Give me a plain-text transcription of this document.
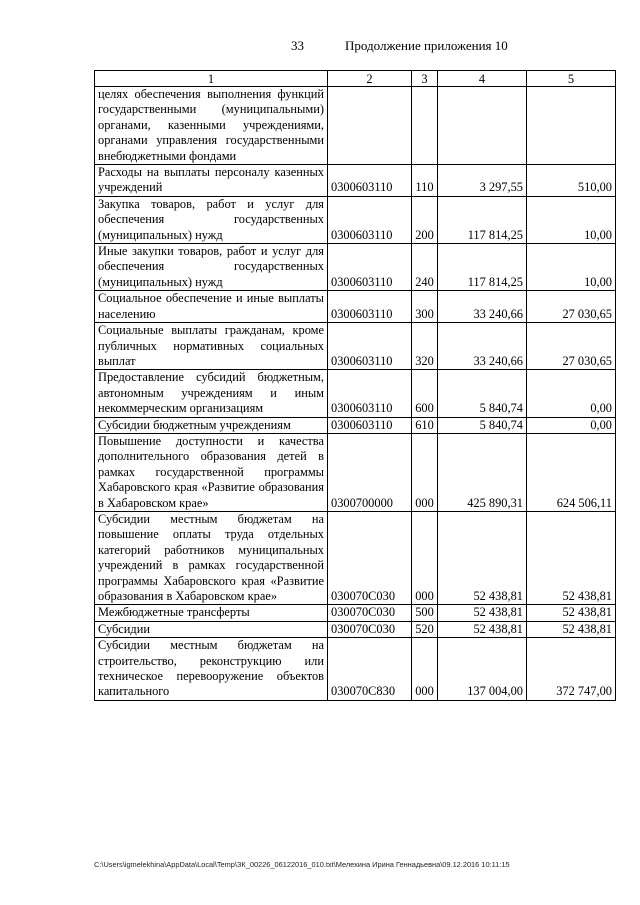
33	Продолжение приложения 10
1	2	3	4	5
целях обеспечения выполнения функций государственными (муниципальными) органами, казенными учреждениями, органами управления государственными внебюджетными фондами				
Расходы на выплаты персоналу казенных учреждений	0300603110	110	3 297,55	510,00
Закупка товаров, работ и услуг для обеспечения государственных (муниципальных) нужд	0300603110	200	117 814,25	10,00
Иные закупки товаров, работ и услуг для обеспечения государственных (муниципальных) нужд	0300603110	240	117 814,25	10,00
Социальное обеспечение и иные выплаты населению	0300603110	300	33 240,66	27 030,65
Социальные выплаты гражданам, кроме публичных нормативных социальных выплат	0300603110	320	33 240,66	27 030,65
Предоставление субсидий бюджетным, автономным учреждениям и иным некоммерческим организациям	0300603110	600	5 840,74	0,00
Субсидии бюджетным учреждениям	0300603110	610	5 840,74	0,00
Повышение доступности и качества дополнительного образования детей в рамках государственной программы Хабаровского края «Развитие образования в Хабаровском крае»	0300700000	000	425 890,31	624 506,11
Субсидии местным бюджетам на повышение оплаты труда отдельных категорий работников муниципальных учреждений в рамках государственной программы Хабаровского края «Развитие образования в Хабаровском крае»	030070С030	000	52 438,81	52 438,81
Межбюджетные трансферты	030070С030	500	52 438,81	52 438,81
Субсидии	030070С030	520	52 438,81	52 438,81
Субсидии местным бюджетам на строительство, реконструкцию или техническое перевооружение объектов капитального	030070С830	000	137 004,00	372 747,00
C:\Users\igmelekhina\AppData\Local\Temp\ЗК_00226_06122016_010.txt\Мелехина Ирина Геннадьевна\09.12.2016 10:11:15
